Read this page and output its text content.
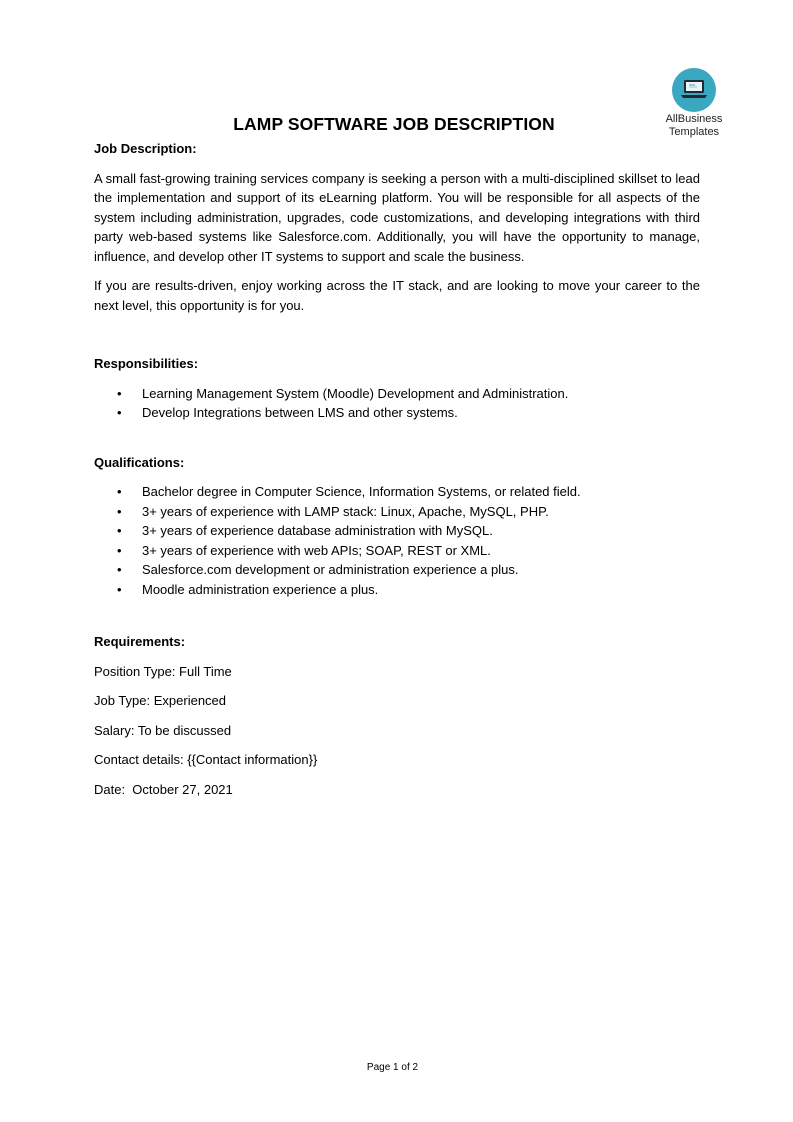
AllBusiness
Templates
LAMP SOFTWARE JOB DESCRIPTION

Job Description:

A small fast-growing training services company is seeking a person with a multi-disciplined skillset to lead the implementation and support of its eLearning platform. You will be responsible for all aspects of the system including administration, upgrades, code customizations, and developing integrations with third party web-based systems like Salesforce.com. Additionally, you will have the opportunity to manage, influence, and develop other IT systems to support and scale the business.

If you are results-driven, enjoy working across the IT stack, and are looking to move your career to the next level, this opportunity is for you.

Responsibilities:

• Learning Management System (Moodle) Development and Administration.
• Develop Integrations between LMS and other systems.

Qualifications:

• Bachelor degree in Computer Science, Information Systems, or related field.
• 3+ years of experience with LAMP stack: Linux, Apache, MySQL, PHP.
• 3+ years of experience database administration with MySQL.
• 3+ years of experience with web APIs; SOAP, REST or XML.
• Salesforce.com development or administration experience a plus.
• Moodle administration experience a plus.

Requirements:

Position Type: Full Time

Job Type: Experienced

Salary: To be discussed

Contact details: {{Contact information}}

Date:  October 27, 2021

Page 1 of 2
